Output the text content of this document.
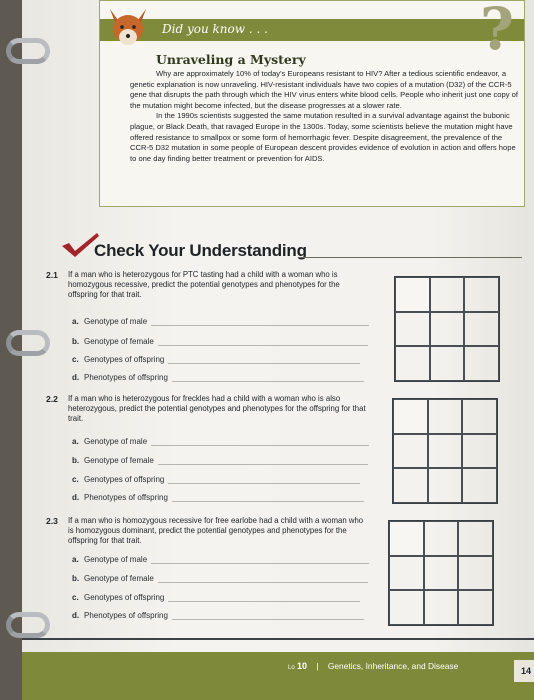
Did you know . . .	?
Unraveling a Mystery

Why are approximately 10% of today's Europeans resistant to HIV? After a tedious scientific endeavor, a genetic explanation is now unraveling. HIV-resistant individuals have two copies of a mutation (D32) of the CCR-5 gene that disrupts the path through which the HIV virus enters white blood cells. People who inherit just one copy of the mutation might become infected, but the disease progresses at a slower rate.

In the 1990s scientists suggested the same mutation resulted in a survival advantage against the bubonic plague, or Black Death, that ravaged Europe in the 1300s. Today, some scientists believe the mutation might have offered resistance to smallpox or some form of hemorrhagic fever. Despite disagreement, the prevalence of the CCR-5 D32 mutation in some people of European descent provides evidence of evolution in action and offers hope to one day finding better treatment or prevention for AIDS.

Check Your Understanding
2.1 If a man who is heterozygous for PTC tasting had a child with a woman who is homozygous recessive, predict the potential genotypes and phenotypes for the offspring for that trait.
a. Genotype of male
b. Genotype of female
c. Genotypes of offspring
d. Phenotypes of offspring
2.2 If a man who is heterozygous for freckles had a child with a woman who is also heterozygous, predict the potential genotypes and phenotypes for the offspring for that trait.
a. Genotype of male
b. Genotype of female
c. Genotypes of offspring
d. Phenotypes of offspring
2.3 If a man who is homozygous recessive for free earlobe had a child with a woman who is homozygous dominant, predict the potential genotypes and phenotypes for the offspring for that trait.
a. Genotype of male
b. Genotype of female
c. Genotypes of offspring
d. Phenotypes of offspring
Lo 10 | Genetics, Inheritance, and Disease	14
